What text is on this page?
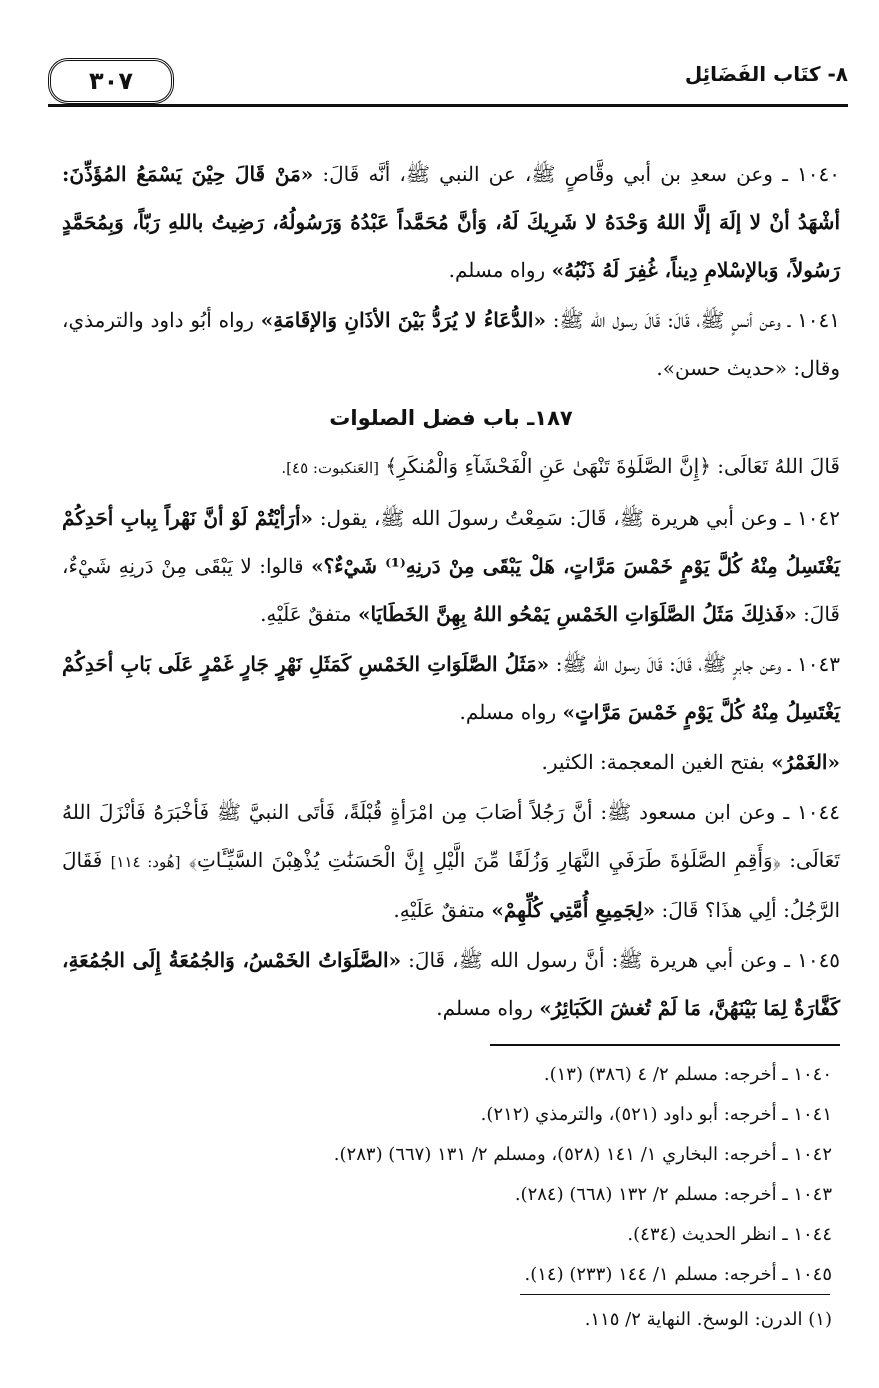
٣٠٧	٨- كتَاب الفَضَائِل

١٠٤٠ ـ وعن سعدِ بن أبي وقَّاصٍ ﷺ، عن النبي ﷺ، أنَّه قَالَ: «مَنْ قَالَ حِيْنَ يَسْمَعُ المُؤَذِّنَ: أشْهَدُ أنْ لا إلَهَ إلَّا اللهُ وَحْدَهُ لا شَرِيكَ لَهُ، وَأنَّ مُحَمَّداً عَبْدُهُ وَرَسُولُهُ، رَضِيتُ باللهِ رَبّاً، وَبِمُحَمَّدٍ رَسُولاً، وَبالإسْلامِ دِيناً، غُفِرَ لَهُ ذَنْبُهُ» رواه مسلم.

١٠٤١ ـ وعن أنسٍ ﷺ، قَالَ: قَالَ رسول الله ﷺ: «الدُّعَاءُ لا يُرَدُّ بَيْنَ الأذَانِ وَالإقَامَةِ» رواه أبُو داود والترمذي، وقال: «حديث حسن».

١٨٧ـ باب فضل الصلوات

قَالَ اللهُ تَعَالَى: ﴿إِنَّ الصَّلَوٰةَ تَنْهَىٰ عَنِ الْفَحْشَآءِ وَالْمُنكَرِ﴾ [العَنكبوت: ٤٥].

١٠٤٢ ـ وعن أبي هريرة ﷺ، قَالَ: سَمِعْتُ رسولَ الله ﷺ، يقول: «أرَأيْتُمْ لَوْ أنَّ نَهْراً بِبابِ أحَدِكُمْ يَغْتَسِلُ مِنْهُ كُلَّ يَوْمٍ خَمْسَ مَرَّاتٍ، هَلْ يَبْقَى مِنْ دَرنِهِ⁽¹⁾ شَيْءٌ؟» قالوا: لا يَبْقَى مِنْ دَرنِهِ شَيْءٌ، قَالَ: «فَذلِكَ مَثَلُ الصَّلَوَاتِ الخَمْسِ يَمْحُو اللهُ بِهِنَّ الخَطَايَا» متفقٌ عَلَيْهِ.

١٠٤٣ ـ وعن جابرٍ ﷺ، قَالَ: قَالَ رسول الله ﷺ: «مَثَلُ الصَّلَوَاتِ الخَمْسِ كَمَثَلِ نَهْرٍ جَارٍ غَمْرٍ عَلَى بَابِ أحَدِكُمْ يَغْتَسِلُ مِنْهُ كُلَّ يَوْمٍ خَمْسَ مَرَّاتٍ» رواه مسلم.

«الغَمْرُ» بفتح الغين المعجمة: الكثير.

١٠٤٤ ـ وعن ابن مسعود ﷺ: أنَّ رَجُلاً أصَابَ مِن امْرَأةٍ قُبْلَةً، فَأتَى النبيَّ ﷺ فَأخْبَرَهُ فَأنْزَلَ اللهُ تَعَالَى: ﴿وَأَقِمِ الصَّلَوٰةَ طَرَفَيِ النَّهَارِ وَزُلَفًا مِّنَ الَّيْلِ إِنَّ الْحَسَنَٰتِ يُذْهِبْنَ السَّيِّـَٔاتِ﴾ [هُود: ١١٤] فَقَالَ الرَّجُلُ: ألِي هذَا؟ قَالَ: «لِجَمِيعِ أُمَّتِي كُلِّهِمْ» متفقٌ عَلَيْهِ.

١٠٤٥ ـ وعن أبي هريرة ﷺ: أنَّ رسول الله ﷺ، قَالَ: «الصَّلَوَاتُ الخَمْسُ، وَالجُمُعَةُ إِلَى الجُمُعَةِ، كَفَّارَةٌ لِمَا بَيْنَهُنَّ، مَا لَمْ تُغشَ الكَبَائِرُ» رواه مسلم.

١٠٤٠ ـ أخرجه: مسلم ٢/ ٤ (٣٨٦) (١٣).
١٠٤١ ـ أخرجه: أبو داود (٥٢١)، والترمذي (٢١٢).
١٠٤٢ ـ أخرجه: البخاري ١/ ١٤١ (٥٢٨)، ومسلم ٢/ ١٣١ (٦٦٧) (٢٨٣).
١٠٤٣ ـ أخرجه: مسلم ٢/ ١٣٢ (٦٦٨) (٢٨٤).
١٠٤٤ ـ انظر الحديث (٤٣٤).
١٠٤٥ ـ أخرجه: مسلم ١/ ١٤٤ (٢٣٣) (١٤).
(١) الدرن: الوسخ. النهاية ٢/ ١١٥.
